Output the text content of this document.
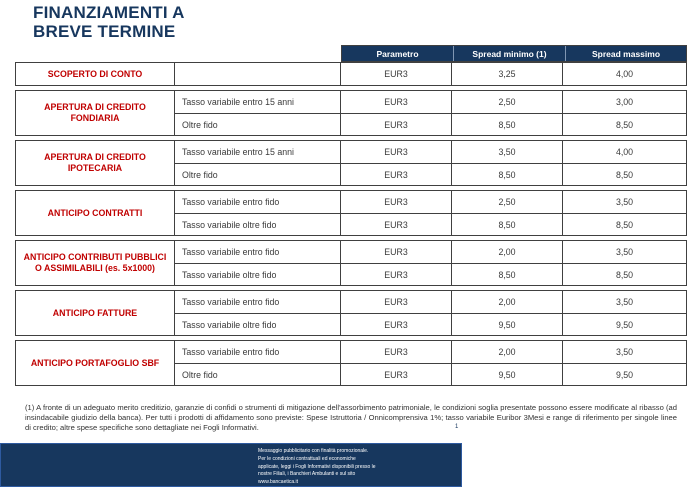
FINANZIAMENTI A
BREVE TERMINE
Parametro	Spread minimo (1)	Spread massimo
SCOPERTO DI CONTO	EUR3	3,25	4,00
APERTURA DI CREDITO FONDIARIA
Tasso variabile entro 15 anni	EUR3	2,50	3,00
Oltre fido	EUR3	8,50	8,50
APERTURA DI CREDITO IPOTECARIA
Tasso variabile entro 15 anni	EUR3	3,50	4,00
Oltre fido	EUR3	8,50	8,50
ANTICIPO CONTRATTI
Tasso variabile entro fido	EUR3	2,50	3,50
Tasso variabile oltre fido	EUR3	8,50	8,50
ANTICIPO CONTRIBUTI PUBBLICI O ASSIMILABILI (es. 5x1000)
Tasso variabile entro fido	EUR3	2,00	3,50
Tasso variabile oltre fido	EUR3	8,50	8,50
ANTICIPO FATTURE
Tasso variabile entro fido	EUR3	2,00	3,50
Tasso variabile oltre fido	EUR3	9,50	9,50
ANTICIPO PORTAFOGLIO SBF
Tasso variabile entro fido	EUR3	2,00	3,50
Oltre fido	EUR3	9,50	9,50
(1) A fronte di un adeguato merito creditizio, garanzie di confidi o strumenti di mitigazione dell'assorbimento patrimoniale, le condizioni soglia presentate possono essere modificate al ribasso (ad insindacabile giudizio della banca). Per tutti i prodotti di affidamento sono previste: Spese Istruttoria / Onnicomprensiva 1%; tasso variabile Euribor 3Mesi e range di riferimento per singole linee di credito; altre spese specifiche sono dettagliate nei Fogli Informativi.	1
Messaggio pubblicitario con finalità promozionale. Per le condizioni contrattuali ed economiche applicate, leggi i Fogli Informativi disponibili presso le nostre Filiali, i Banchieri Ambulanti e sul sito www.bancaetica.it
